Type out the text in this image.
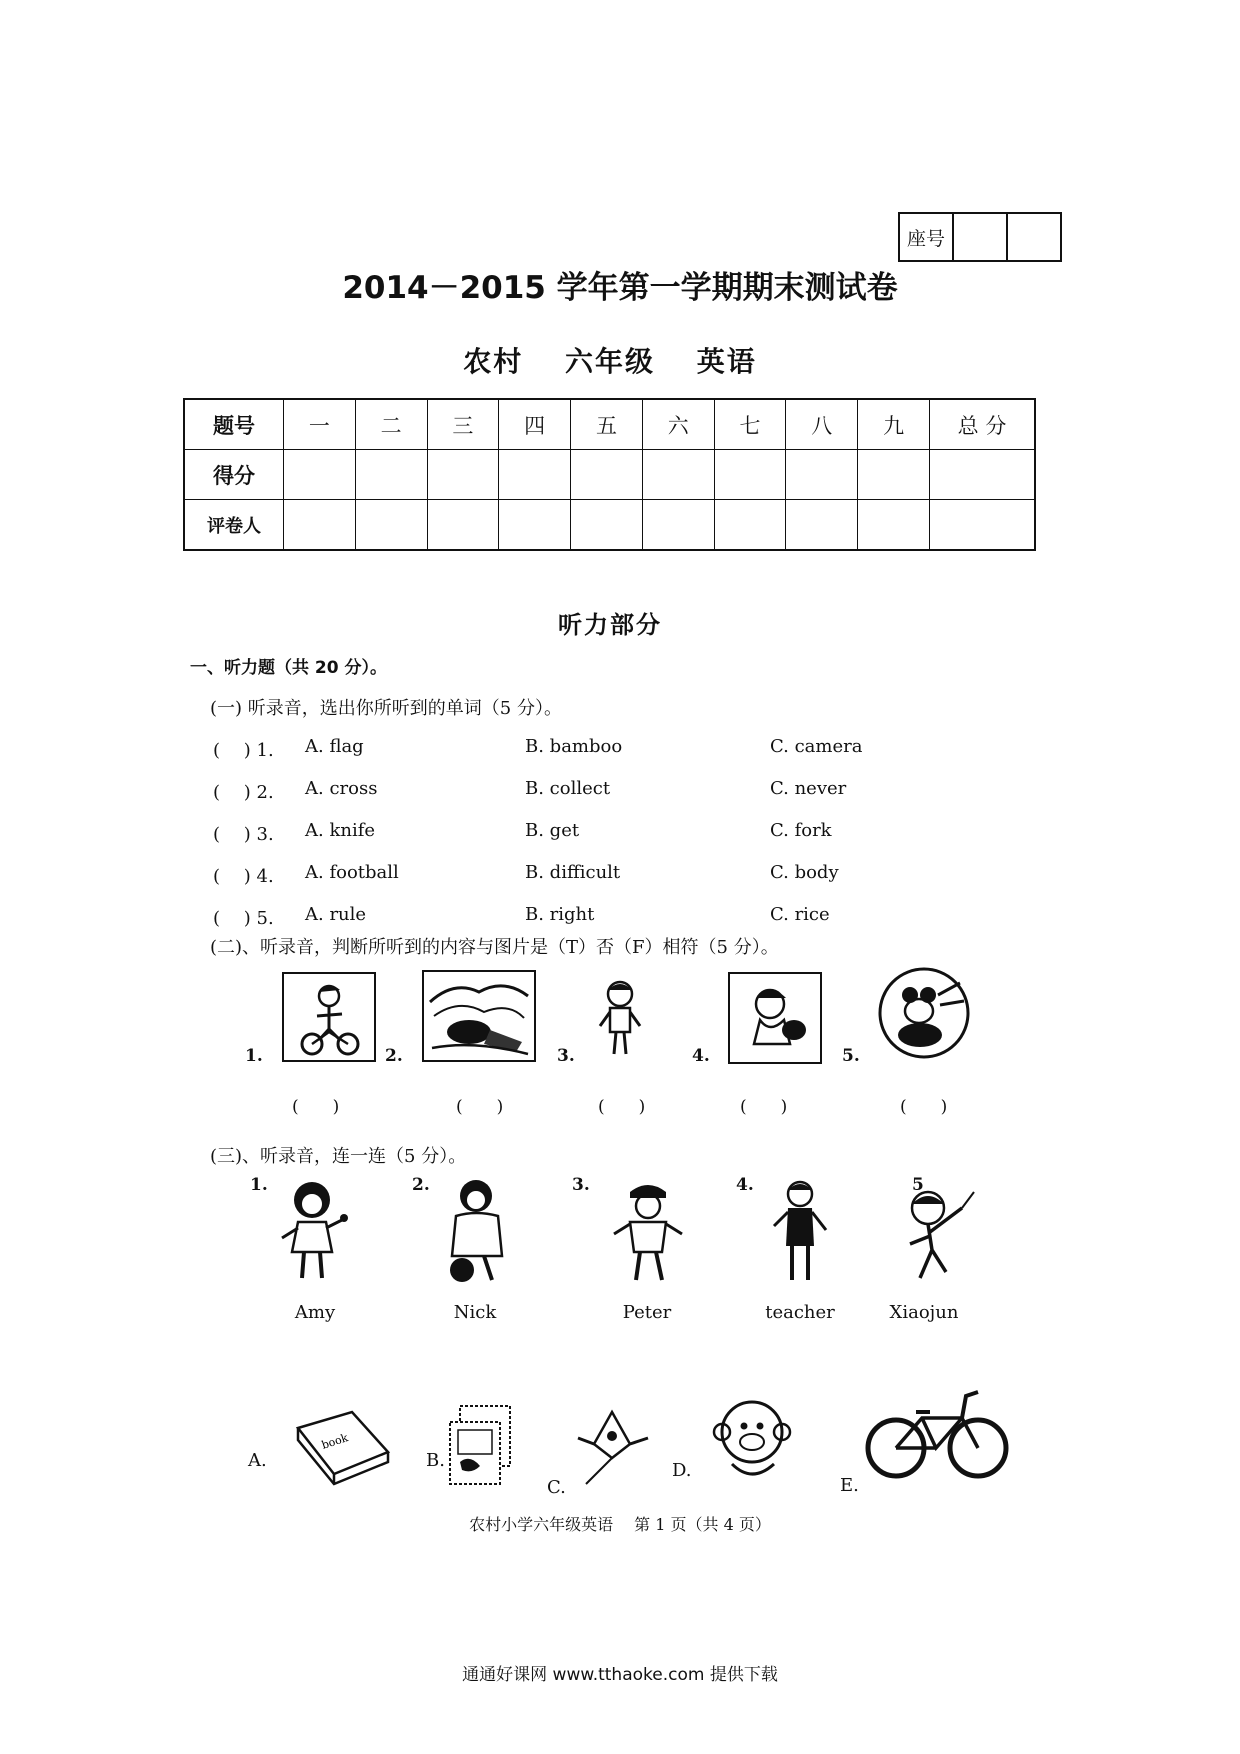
座号
2014－2015 学年第一学期期末测试卷
农村 六年级 英语
题号	一	二	三	四	五	六	七	八	九	总 分
得分										
评卷人										
听力部分
一、听力题（共 20 分）。
(一) 听录音，选出你所听到的单词（5 分）。
(　 ) 1. A. flag	B. bamboo	C. camera
(　 ) 2. A. cross	B. collect	C. never
(　 ) 3. A. knife	B. get	C. fork
(　 ) 4. A. football	B. difficult	C. body
(　 ) 5. A. rule	B. right	C. rice
(二)、听录音，判断所听到的内容与图片是（T）否（F）相符（5 分）。
1.	2.	3.	4.	5.
(　　)	(　　)	(　　)	(　　)	(　　)
(三)、听录音，连一连（5 分）。
1.
Amy
2.
Nick
3.
Peter
4.
teacher
5
Xiaojun
A.
book
B.
C.
D.
E.
农村小学六年级英语　 第 1 页（共 4 页）
通通好课网 www.tthaoke.com 提供下载
